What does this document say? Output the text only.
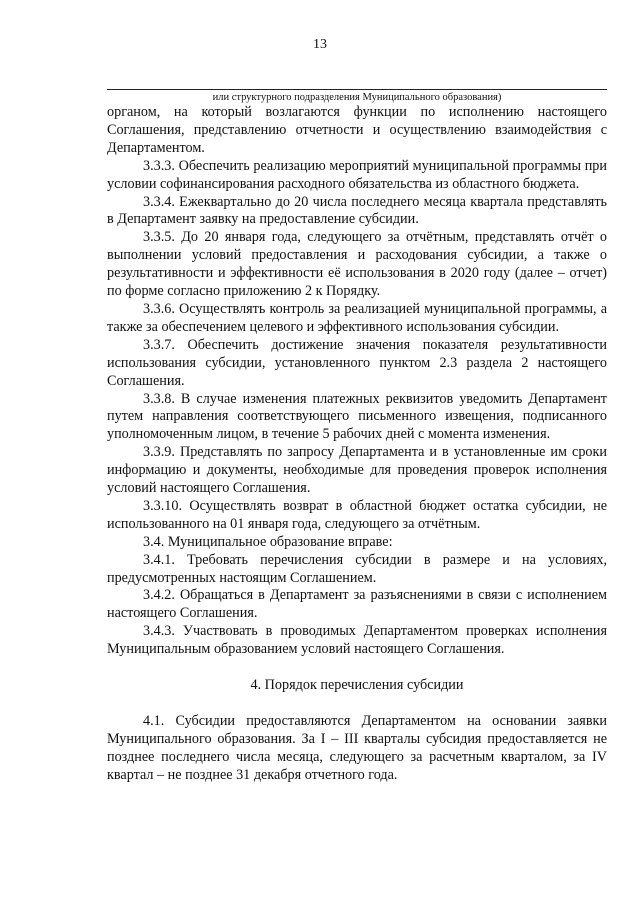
13
или структурного подразделения Муниципального образования)

органом, на который возлагаются функции по исполнению настоящего Соглашения, представлению отчетности и осуществлению взаимодействия с Департаментом.

3.3.3. Обеспечить реализацию мероприятий муниципальной программы при условии софинансирования расходного обязательства из областного бюджета.

3.3.4. Ежеквартально до 20 числа последнего месяца квартала представлять в Департамент заявку на предоставление субсидии.

3.3.5. До 20 января года, следующего за отчётным, представлять отчёт о выполнении условий предоставления и расходования субсидии, а также о результативности и эффективности её использования в 2020 году (далее – отчет) по форме согласно приложению 2 к Порядку.

3.3.6. Осуществлять контроль за реализацией муниципальной программы, а также за обеспечением целевого и эффективного использования субсидии.

3.3.7. Обеспечить достижение значения показателя результативности использования субсидии, установленного пунктом 2.3 раздела 2 настоящего Соглашения.

3.3.8. В случае изменения платежных реквизитов уведомить Департамент путем направления соответствующего письменного извещения, подписанного уполномоченным лицом, в течение 5 рабочих дней с момента изменения.

3.3.9. Представлять по запросу Департамента и в установленные им сроки информацию и документы, необходимые для проведения проверок исполнения условий настоящего Соглашения.

3.3.10. Осуществлять возврат в областной бюджет остатка субсидии, не использованного на 01 января года, следующего за отчётным.

3.4. Муниципальное образование вправе:

3.4.1. Требовать перечисления субсидии в размере и на условиях, предусмотренных настоящим Соглашением.

3.4.2. Обращаться в Департамент за разъяснениями в связи с исполнением настоящего Соглашения.

3.4.3. Участвовать в проводимых Департаментом проверках исполнения Муниципальным образованием условий настоящего Соглашения.

4. Порядок перечисления субсидии

4.1. Субсидии предоставляются Департаментом на основании заявки Муниципального образования. За I – III кварталы субсидия предоставляется не позднее последнего числа месяца, следующего за расчетным кварталом, за IV квартал – не позднее 31 декабря отчетного года.
